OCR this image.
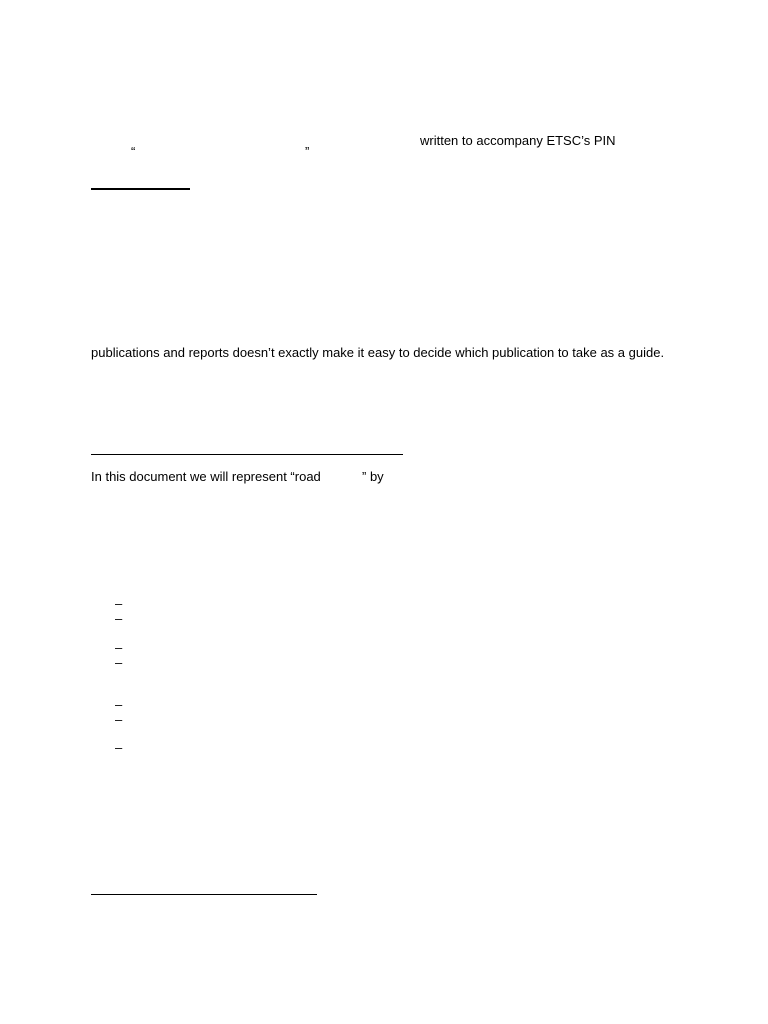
written to accompany ETSC’s PIN
“	”
publications and reports doesn’t exactly make it easy to decide which publication to take as a guide.
In this document we will represent “road	” by
–
–
–
–
–
–
–
